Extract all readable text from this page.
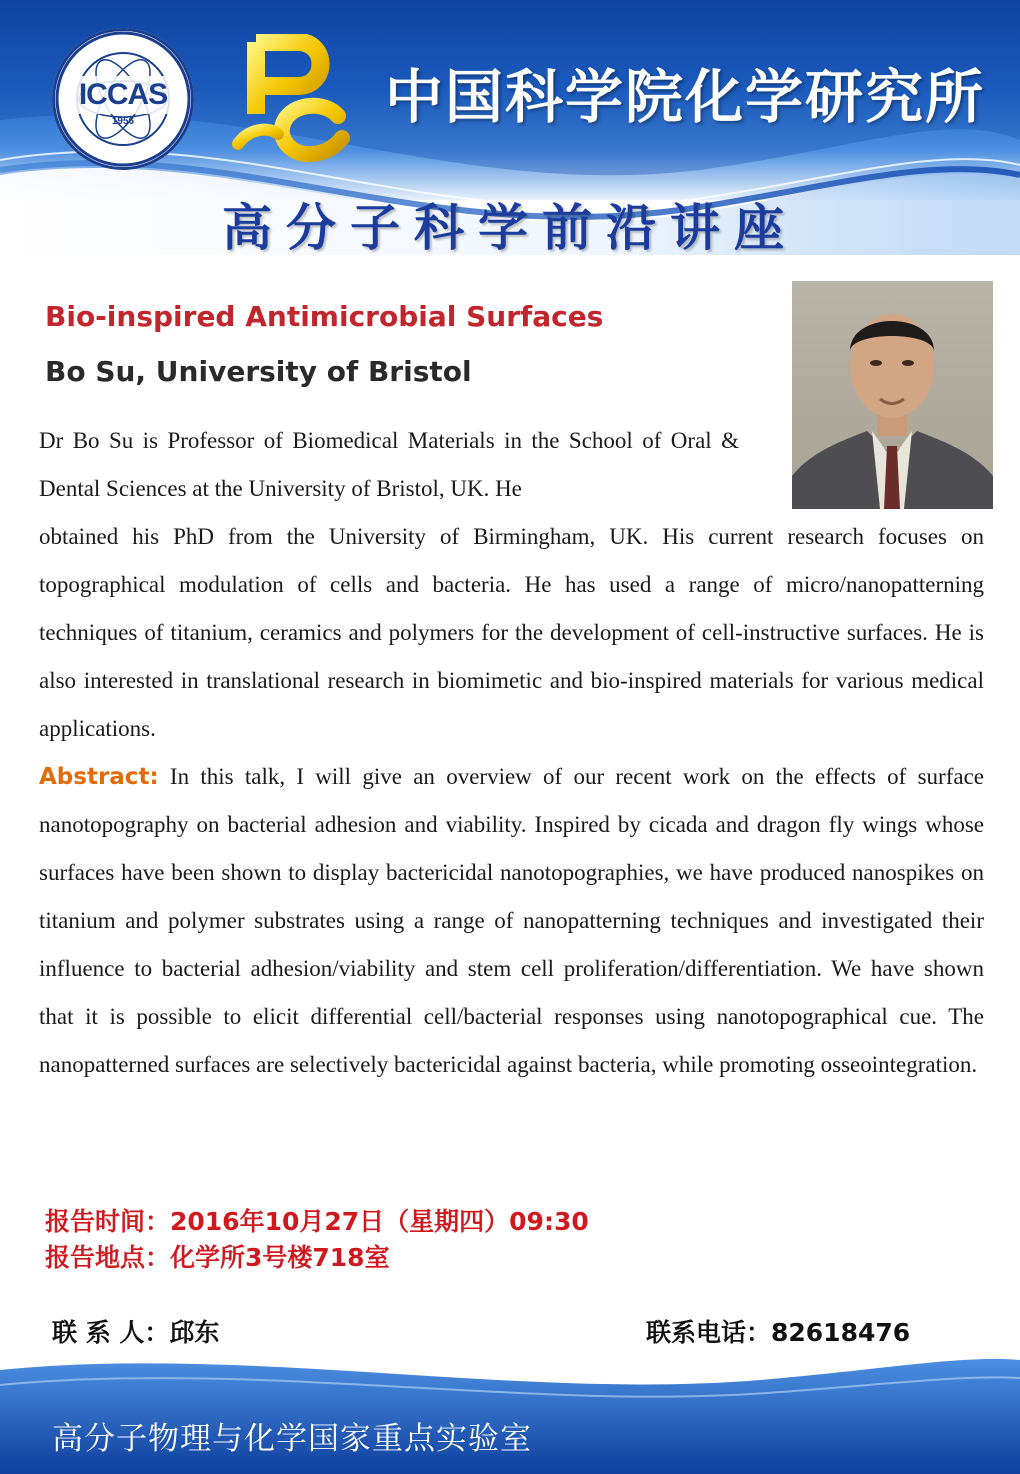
ICCAS
1956	中国科学院化学研究所
高分子科学前沿讲座
Bio-inspired Antimicrobial Surfaces
Bo Su, University of Bristol

Dr Bo Su is Professor of Biomedical Materials in the School of Oral & Dental Sciences at the University of Bristol, UK. He

obtained his PhD from the University of Birmingham, UK. His current research focuses on topographical modulation of cells and bacteria. He has used a range of micro/nanopatterning techniques of titanium, ceramics and polymers for the development of cell-instructive surfaces. He is also interested in translational research in biomimetic and bio-inspired materials for various medical applications.

Abstract: In this talk, I will give an overview of our recent work on the effects of surface nanotopography on bacterial adhesion and viability. Inspired by cicada and dragon fly wings whose surfaces have been shown to display bactericidal nanotopographies, we have produced nanospikes on titanium and polymer substrates using a range of nanopatterning techniques and investigated their influence to bacterial adhesion/viability and stem cell proliferation/differentiation. We have shown that it is possible to elicit differential cell/bacterial responses using nanotopographical cue. The nanopatterned surfaces are selectively bactericidal against bacteria, while promoting osseointegration.

报告时间：2016年10月27日（星期四）09:30
报告地点：化学所3号楼718室
联 系 人：邱东	联系电话：82618476
高分子物理与化学国家重点实验室
